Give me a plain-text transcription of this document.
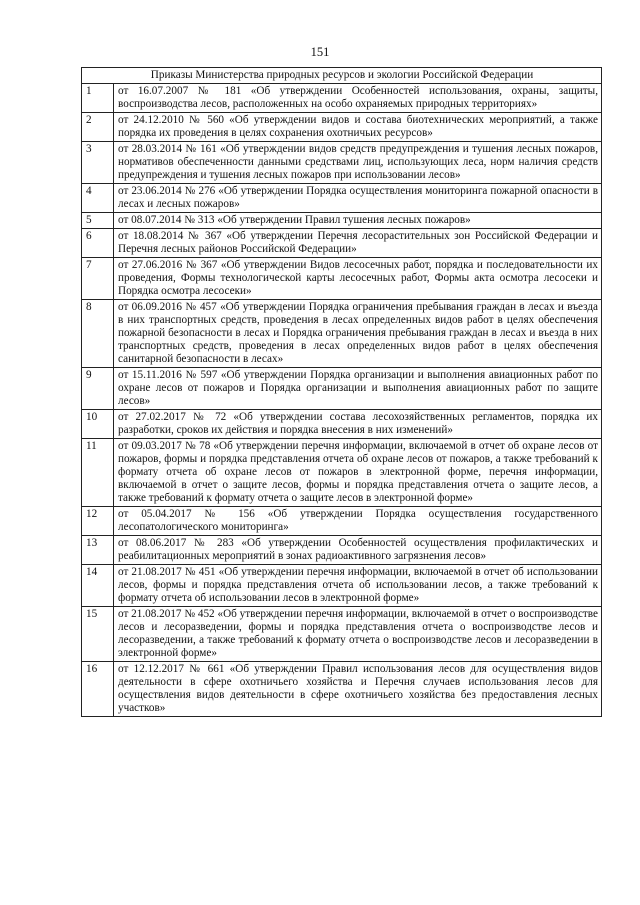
151
Приказы Министерства природных ресурсов и экологии Российской Федерации	
1	от 16.07.2007 № 181 «Об утверждении Особенностей использования, охраны, защиты, воспроизводства лесов, расположенных на особо охраняемых природных территориях»
2	от 24.12.2010 № 560 «Об утверждении видов и состава биотехнических мероприятий, а также порядка их проведения в целях сохранения охотничьих ресурсов»
3	от 28.03.2014 № 161 «Об утверждении видов средств предупреждения и тушения лесных пожаров, нормативов обеспеченности данными средствами лиц, использующих леса, норм наличия средств предупреждения и тушения лесных пожаров при использовании лесов»
4	от 23.06.2014 № 276 «Об утверждении Порядка осуществления мониторинга пожарной опасности в лесах и лесных пожаров»
5	от 08.07.2014 № 313 «Об утверждении Правил тушения лесных пожаров»
6	от 18.08.2014 № 367 «Об утверждении Перечня лесорастительных зон Российской Федерации и Перечня лесных районов Российской Федерации»
7	от 27.06.2016 № 367 «Об утверждении Видов лесосечных работ, порядка и последовательности их проведения, Формы технологической карты лесосечных работ, Формы акта осмотра лесосеки и Порядка осмотра лесосеки»
8	от 06.09.2016 № 457 «Об утверждении Порядка ограничения пребывания граждан в лесах и въезда в них транспортных средств, проведения в лесах определенных видов работ в целях обеспечения пожарной безопасности в лесах и Порядка ограничения пребывания граждан в лесах и въезда в них транспортных средств, проведения в лесах определенных видов работ в целях обеспечения санитарной безопасности в лесах»
9	от 15.11.2016 № 597 «Об утверждении Порядка организации и выполнения авиационных работ по охране лесов от пожаров и Порядка организации и выполнения авиационных работ по защите лесов»
10	от 27.02.2017 № 72 «Об утверждении состава лесохозяйственных регламентов, порядка их разработки, сроков их действия и порядка внесения в них изменений»
11	от 09.03.2017 № 78 «Об утверждении перечня информации, включаемой в отчет об охране лесов от пожаров, формы и порядка представления отчета об охране лесов от пожаров, а также требований к формату отчета об охране лесов от пожаров в электронной форме, перечня информации, включаемой в отчет о защите лесов, формы и порядка представления отчета о защите лесов, а также требований к формату отчета о защите лесов в электронной форме»
12	от 05.04.2017 № 156 «Об утверждении Порядка осуществления государственного лесопатологического мониторинга»
13	от 08.06.2017 № 283 «Об утверждении Особенностей осуществления профилактических и реабилитационных мероприятий в зонах радиоактивного загрязнения лесов»
14	от 21.08.2017 № 451 «Об утверждении перечня информации, включаемой в отчет об использовании лесов, формы и порядка представления отчета об использовании лесов, а также требований к формату отчета об использовании лесов в электронной форме»
15	от 21.08.2017 № 452 «Об утверждении перечня информации, включаемой в отчет о воспроизводстве лесов и лесоразведении, формы и порядка представления отчета о воспроизводстве лесов и лесоразведении, а также требований к формату отчета о воспроизводстве лесов и лесоразведении в электронной форме»
16	от 12.12.2017 № 661 «Об утверждении Правил использования лесов для осуществления видов деятельности в сфере охотничьего хозяйства и Перечня случаев использования лесов для осуществления видов деятельности в сфере охотничьего хозяйства без предоставления лесных участков»
